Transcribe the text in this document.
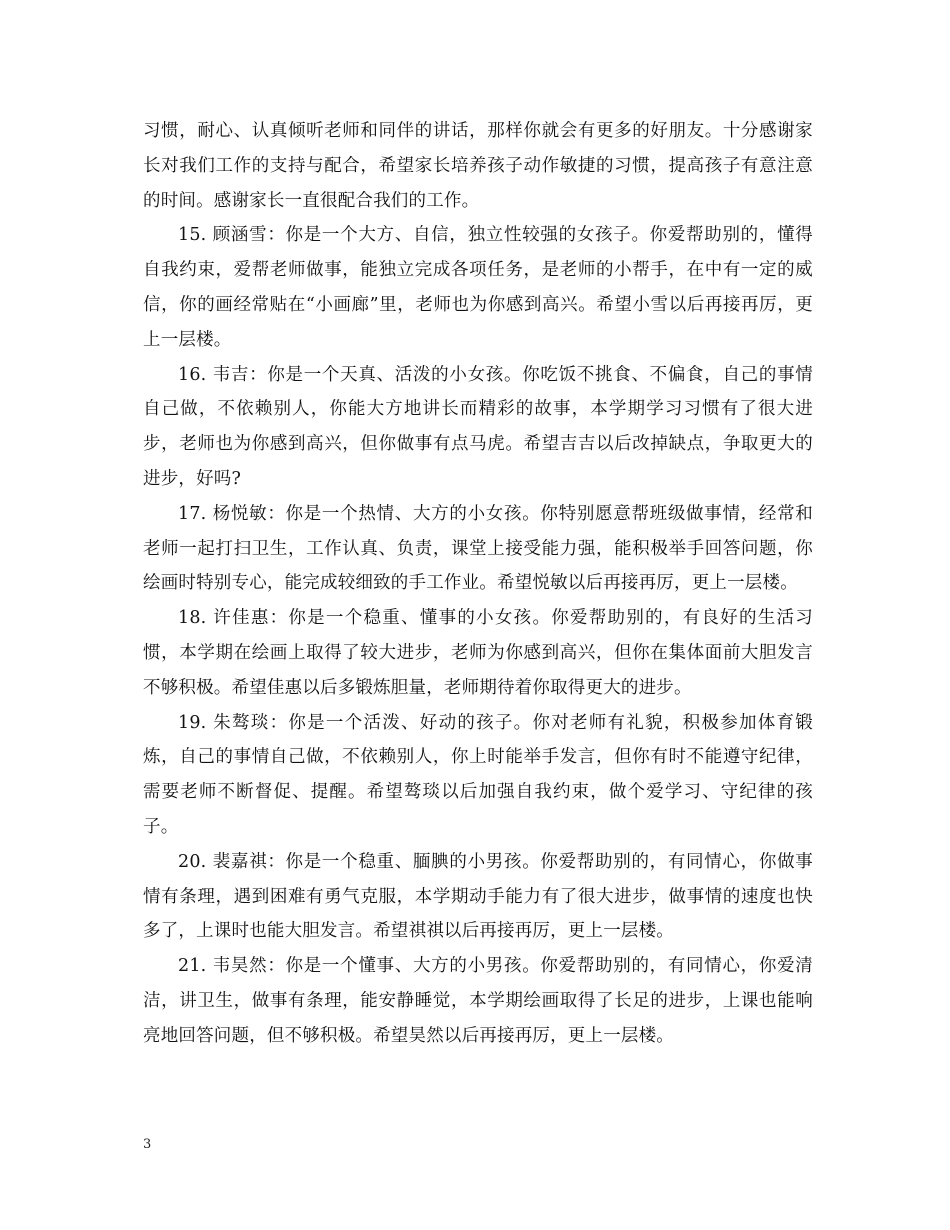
习惯，耐心、认真倾听老师和同伴的讲话，那样你就会有更多的好朋友。十分感谢家长对我们工作的支持与配合，希望家长培养孩子动作敏捷的习惯，提高孩子有意注意的时间。感谢家长一直很配合我们的工作。

15. 顾涵雪：你是一个大方、自信，独立性较强的女孩子。你爱帮助别的，懂得自我约束，爱帮老师做事，能独立完成各项任务，是老师的小帮手，在中有一定的威信，你的画经常贴在“小画廊”里，老师也为你感到高兴。希望小雪以后再接再厉，更上一层楼。

16. 韦吉：你是一个天真、活泼的小女孩。你吃饭不挑食、不偏食，自己的事情自己做，不依赖别人，你能大方地讲长而精彩的故事，本学期学习习惯有了很大进步，老师也为你感到高兴，但你做事有点马虎。希望吉吉以后改掉缺点，争取更大的进步，好吗?

17. 杨悦敏：你是一个热情、大方的小女孩。你特别愿意帮班级做事情，经常和老师一起打扫卫生，工作认真、负责，课堂上接受能力强，能积极举手回答问题，你绘画时特别专心，能完成较细致的手工作业。希望悦敏以后再接再厉，更上一层楼。

18. 许佳惠：你是一个稳重、懂事的小女孩。你爱帮助别的，有良好的生活习惯，本学期在绘画上取得了较大进步，老师为你感到高兴，但你在集体面前大胆发言不够积极。希望佳惠以后多锻炼胆量，老师期待着你取得更大的进步。

19. 朱骜琰：你是一个活泼、好动的孩子。你对老师有礼貌，积极参加体育锻炼，自己的事情自己做，不依赖别人，你上时能举手发言，但你有时不能遵守纪律，需要老师不断督促、提醒。希望骜琰以后加强自我约束，做个爱学习、守纪律的孩子。

20. 裴嘉祺：你是一个稳重、腼腆的小男孩。你爱帮助别的，有同情心，你做事情有条理，遇到困难有勇气克服，本学期动手能力有了很大进步，做事情的速度也快多了，上课时也能大胆发言。希望祺祺以后再接再厉，更上一层楼。

21. 韦昊然：你是一个懂事、大方的小男孩。你爱帮助别的，有同情心，你爱清洁，讲卫生，做事有条理，能安静睡觉，本学期绘画取得了长足的进步，上课也能响亮地回答问题，但不够积极。希望昊然以后再接再厉，更上一层楼。

3
